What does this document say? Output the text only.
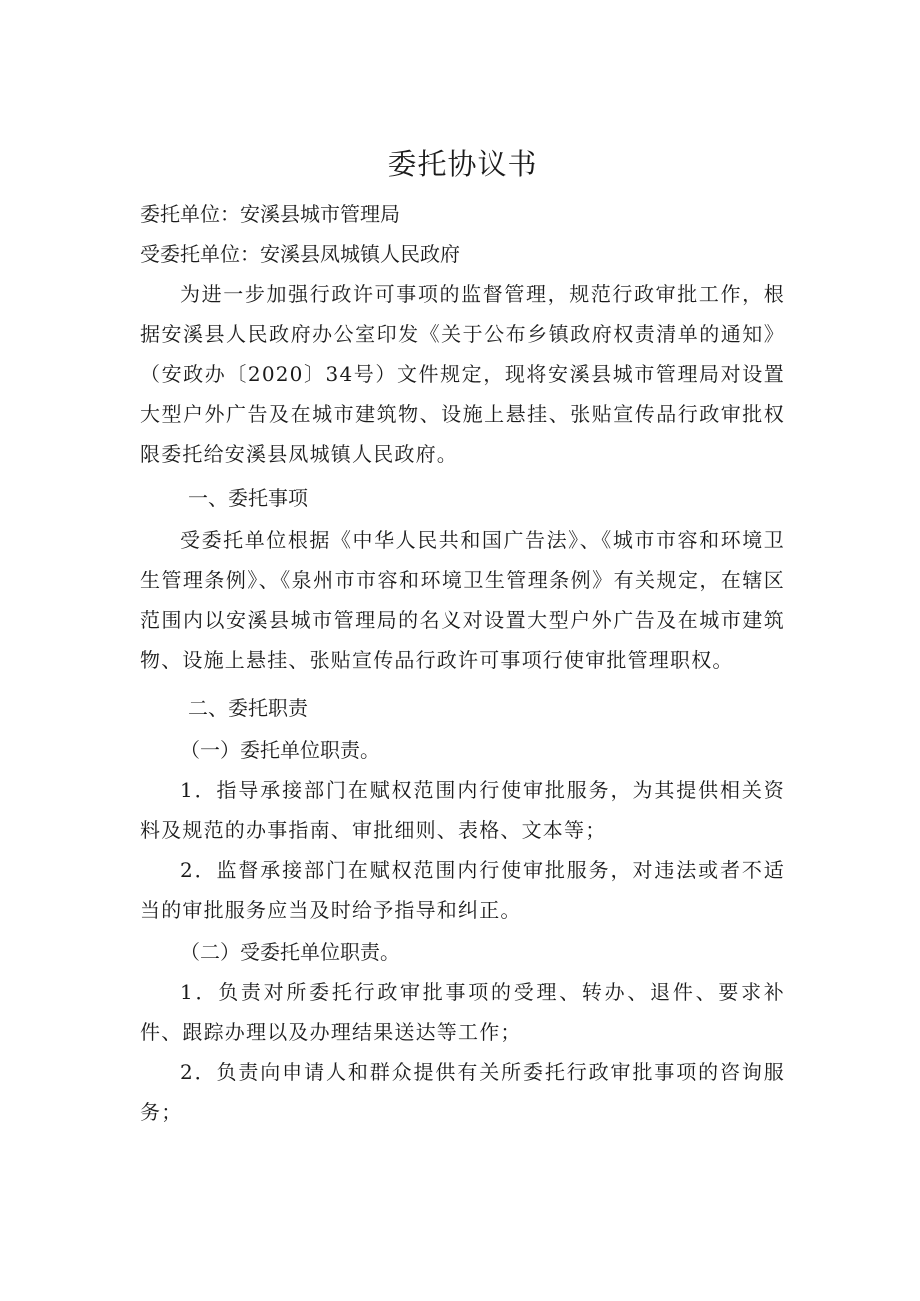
委托协议书

委托单位：安溪县城市管理局

受委托单位：安溪县凤城镇人民政府

为进一步加强行政许可事项的监督管理，规范行政审批工作，根据安溪县人民政府办公室印发《关于公布乡镇政府权责清单的通知》（安政办〔2020〕34号）文件规定，现将安溪县城市管理局对设置大型户外广告及在城市建筑物、设施上悬挂、张贴宣传品行政审批权限委托给安溪县凤城镇人民政府。

一、委托事项

受委托单位根据《中华人民共和国广告法》、《城市市容和环境卫生管理条例》、《泉州市市容和环境卫生管理条例》有关规定，在辖区范围内以安溪县城市管理局的名义对设置大型户外广告及在城市建筑物、设施上悬挂、张贴宣传品行政许可事项行使审批管理职权。

二、委托职责
（一）委托单位职责。

1．指导承接部门在赋权范围内行使审批服务，为其提供相关资料及规范的办事指南、审批细则、表格、文本等；

2．监督承接部门在赋权范围内行使审批服务，对违法或者不适当的审批服务应当及时给予指导和纠正。

（二）受委托单位职责。

1．负责对所委托行政审批事项的受理、转办、退件、要求补件、跟踪办理以及办理结果送达等工作；

2．负责向申请人和群众提供有关所委托行政审批事项的咨询服务；
